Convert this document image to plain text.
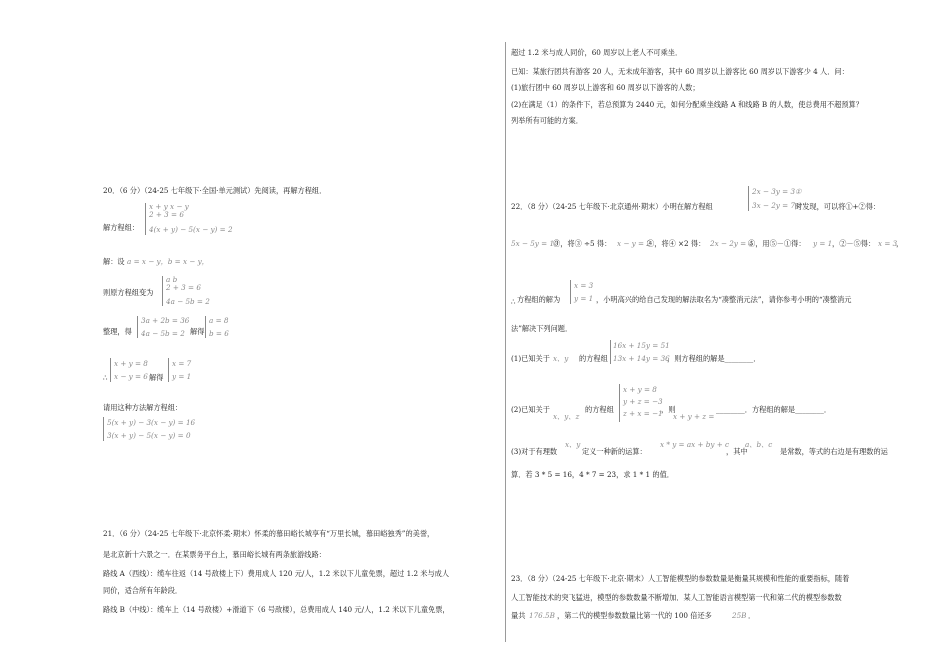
20．（6 分）（24-25 七年级下·全国·单元测试）先阅读，再解方程组．
解方程组：
x + y x − y
2 + 3 = 6
4(x + y) − 5(x − y) = 2
解：设 a = x − y，b = x − y，
则原方程组变为
a b
2 + 3 = 6
4a − 5b = 2
整理，得
3a + 2b = 36
4a − 5b = 2 解得
a = 8
b = 6
∴
x + y = 8
x − y = 6 解得
x = 7
y = 1
请用这种方法解方程组：
5(x + y) − 3(x − y) = 16
3(x + y) − 5(x − y) = 0
21．（6 分）（24-25 七年级下·北京怀柔·期末）怀柔的慕田峪长城享有“万里长城，慕田峪独秀”的美誉，
是北京新十六景之一．在某票务平台上，慕田峪长城有两条旅游线路：
路线 A（西线）：缆车往返（14 号敌楼上下）费用成人 120 元/人，1.2 米以下儿童免票，超过 1.2 米与成人
同价，适合所有年龄段．
路线 B（中线）：缆车上（14 号敌楼）+滑道下（6 号敌楼），总费用成人 140 元/人，1.2 米以下儿童免票，
超过 1.2 米与成人同价，60 周岁以上老人不可乘坐．
已知：某旅行团共有游客 20 人，无未成年游客，其中 60 周岁以上游客比 60 周岁以下游客少 4 人．问：
(1)旅行团中 60 周岁以上游客和 60 周岁以下游客的人数；
(2)在满足（1）的条件下，若总预算为 2440 元，如何分配乘坐线路 A 和线路 B 的人数，使总费用不超预算？
列举所有可能的方案．
22．（8 分）（24-25 七年级下·北京通州·期末）小明在解方程组
2x − 3y = 3①
3x − 2y = 7②
时发现，可以将①+②得：
5x − 5y = 10
③，将③ ÷5 得： x − y = 2
④，将④ ×2 得： 2x − 2y = 4
⑤，用⑤－①得： y = 1 ，②－⑤得： x = 3
，
∴
x = 3
y = 1
方程组的解为	，小明高兴的给自己发现的解法取名为“凑整消元法”，请你参考小明的“凑整消元
法”解决下列问题．
(1)已知关于 x、y 的方程组
16x + 15y = 51
13x + 14y = 36
，则方程组的解是________．
(2)已知关于
x、y、z
的方程组
x + y = 8
y + z = −3
z + x = −1
，则
x + y + z =
________．方程组的解是________．
(3)对于有理数
x、y
定义一种新的运算：
x * y = ax + by + c
，其中
a、b、c
是常数，等式的右边是有理数的运
算．若 3 * 5 = 16，4 * 7 = 23，求 1 * 1 的值．
23．（8 分）（24-25 七年级下·北京·期末）人工智能模型的参数数量是衡量其规模和性能的重要指标，随着
人工智能技术的突飞猛进，模型的参数数量不断增加．某人工智能语言模型第一代和第二代的模型参数数
量共 176.5B ，第二代的模型参数数量比第一代的 100 倍还多	25B ．
